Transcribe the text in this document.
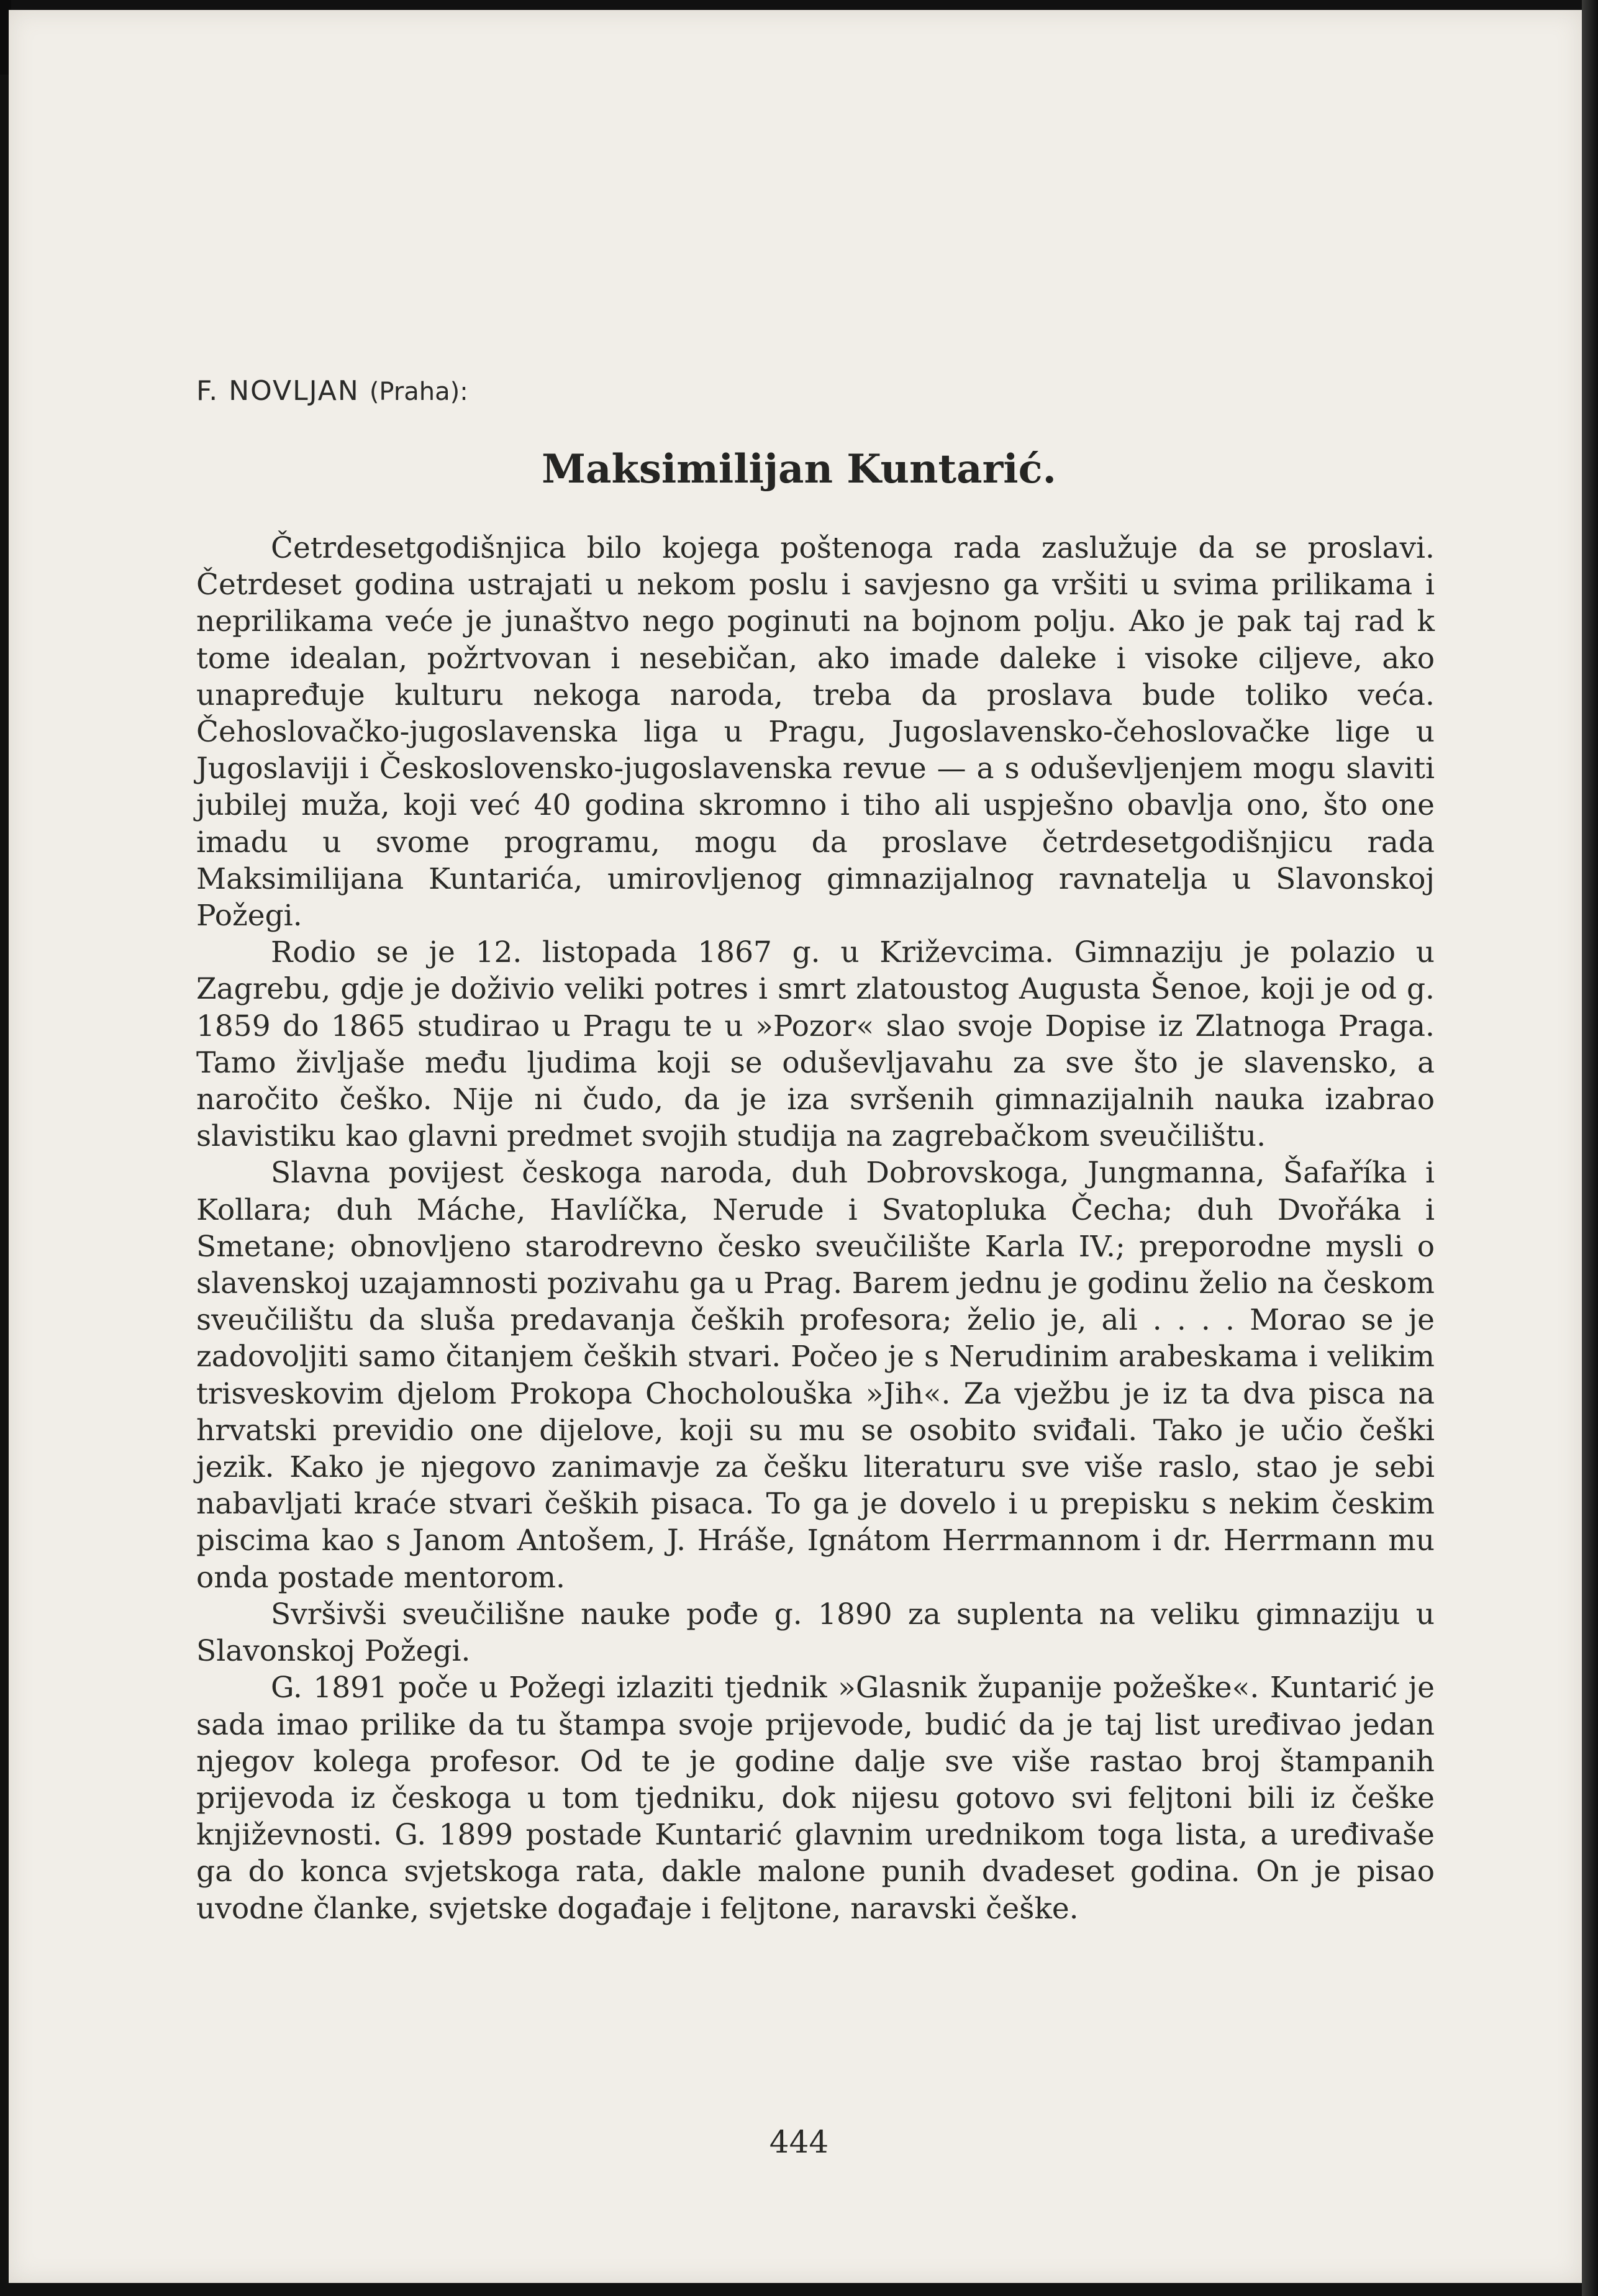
F. NOVLJAN (Praha):
Maksimilijan Kuntarić.

Četrdesetgodišnjica bilo kojega poštenoga rada zaslužuje da se proslavi. Četrdeset godina ustrajati u nekom poslu i savjesno ga vršiti u svima prilikama i neprilikama veće je junaštvo nego poginuti na bojnom polju. Ako je pak taj rad k tome idealan, požrtvovan i nesebičan, ako imade daleke i visoke ciljeve, ako unapređuje kulturu nekoga naroda, treba da proslava bude toliko veća. Čehoslovačko-jugoslavenska liga u Pragu, Jugoslavensko-čehoslovačke lige u Jugoslaviji i Československo-jugoslavenska revue — a s oduševljenjem mogu slaviti jubilej muža, koji već 40 godina skromno i tiho ali uspješno obavlja ono, što one imadu u svome programu, mogu da proslave četrdesetgodišnjicu rada Maksimilijana Kuntarića, umirovljenog gimnazijalnog ravnatelja u Slavonskoj Požegi.

Rodio se je 12. listopada 1867 g. u Križevcima. Gimnaziju je polazio u Zagrebu, gdje je doživio veliki potres i smrt zlatoustog Augusta Šenoe, koji je od g. 1859 do 1865 studirao u Pragu te u »Pozor« slao svoje Dopise iz Zlatnoga Praga. Tamo življaše među ljudima koji se oduševljavahu za sve što je slavensko, a naročito češko. Nije ni čudo, da je iza svršenih gimnazijalnih nauka izabrao slavistiku kao glavni predmet svojih studija na zagrebačkom sveučilištu.

Slavna povijest českoga naroda, duh Dobrovskoga, Jungmanna, Šafaříka i Kollara; duh Máche, Havlíčka, Nerude i Svatopluka Čecha; duh Dvořáka i Smetane; obnovljeno starodrevno česko sveučilište Karla IV.; preporodne mysli o slavenskoj uzajamnosti pozivahu ga u Prag. Barem jednu je godinu želio na českom sveučilištu da sluša predavanja čeških profesora; želio je, ali . . . . Morao se je zadovoljiti samo čitanjem čeških stvari. Počeo je s Nerudinim arabeskama i velikim trisveskovim djelom Prokopa Chocholouška »Jih«. Za vježbu je iz ta dva pisca na hrvatski previdio one dijelove, koji su mu se osobito sviđali. Tako je učio češki jezik. Kako je njegovo zanimavje za češku literaturu sve više raslo, stao je sebi nabavljati kraće stvari čeških pisaca. To ga je dovelo i u prepisku s nekim českim piscima kao s Janom Antošem, J. Hráše, Ignátom Herrmannom i dr. Herrmann mu onda postade mentorom.

Svršivši sveučilišne nauke pođe g. 1890 za suplenta na veliku gimnaziju u Slavonskoj Požegi.

G. 1891 poče u Požegi izlaziti tjednik »Glasnik županije požeške«. Kuntarić je sada imao prilike da tu štampa svoje prijevode, budić da je taj list uređivao jedan njegov kolega profesor. Od te je godine dalje sve više rastao broj štampanih prijevoda iz českoga u tom tjedniku, dok nijesu gotovo svi feljtoni bili iz češke književnosti. G. 1899 postade Kuntarić glavnim urednikom toga lista, a uređivaše ga do konca svjetskoga rata, dakle malone punih dvadeset godina. On je pisao uvodne članke, svjetske događaje i feljtone, naravski češke.

444
